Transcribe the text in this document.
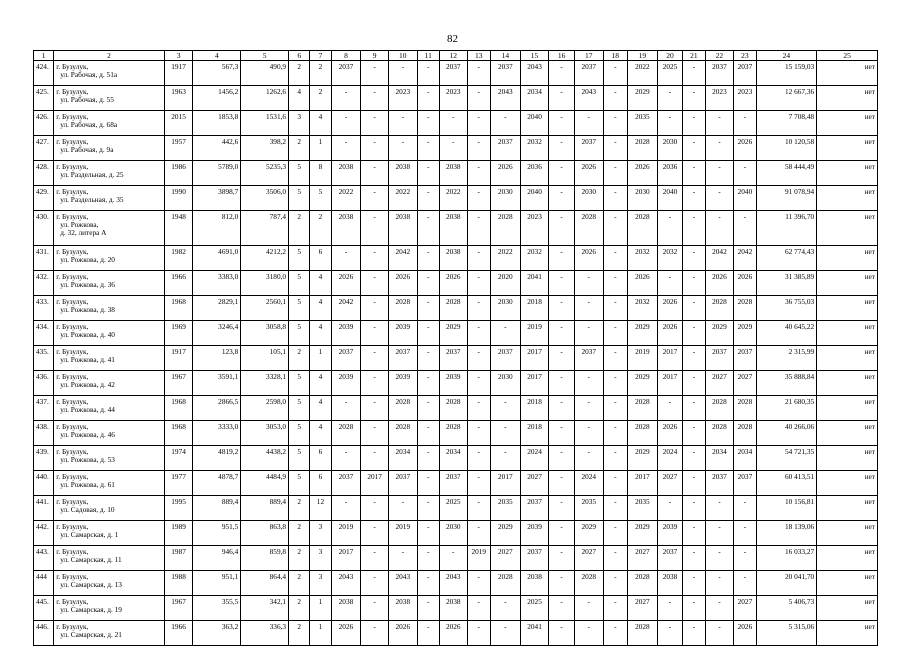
82
1	2	3	4	5	6	7	8	9	10	11	12	13	14	15	16	17	18	19	20	21	22	23	24	25
424.	г. Бузулук,
ул. Рабочая, д. 51а	1917	567,3	490,9	2	2	2037	-	-	-	2037	-	2037	2043	-	2037	-	2022	2025	-	2037	2037	15 159,03	нет
425.	г. Бузулук,
ул. Рабочая, д. 55	1963	1456,2	1262,6	4	2	-	-	2023	-	2023	-	2043	2034	-	2043	-	2029	-	-	2023	2023	12 667,36	нет
426.	г. Бузулук,
ул. Рабочая, д. 68а	2015	1853,8	1531,6	3	4	-	-	-	-	-	-	-	2040	-	-	-	2035	-	-	-	-	7 708,48	нет
427.	г. Бузулук,
ул. Рабочая, д. 9а	1957	442,6	398,2	2	1	-	-	-	-	-	-	2037	2032	-	2037	-	2028	2030	-	-	2026	10 120,58	нет
428.	г. Бузулук,
ул. Раздельная, д. 25	1986	5789,0	5235,3	5	8	2038	-	2038	-	2038	-	2026	2036	-	2026	-	2026	2036	-	-	-	58 444,49	нет
429.	г. Бузулук,
ул. Раздельная, д. 35	1990	3898,7	3506,0	5	5	2022	-	2022	-	2022	-	2030	2040	-	2030	-	2030	2040	-	-	2040	91 078,94	нет
430.	г. Бузулук,
ул. Рожкова,
д. 32, литера А	1948	812,0	787,4	2	2	2038	-	2038	-	2038	-	2028	2023	-	2028	-	2028	-	-	-	-	11 396,70	нет
431.	г. Бузулук,
ул. Рожкова, д. 20	1982	4691,0	4212,2	5	6	-	-	2042	-	2038	-	2022	2032	-	2026	-	2032	2032	-	2042	2042	62 774,43	нет
432.	г. Бузулук,
ул. Рожкова, д. 36	1966	3383,0	3180,0	5	4	2026	-	2026	-	2026	-	2020	2041	-	-	-	2026	-	-	2026	2026	31 385,89	нет
433.	г. Бузулук,
ул. Рожкова, д. 38	1968	2829,1	2560,1	5	4	2042	-	2028	-	2028	-	2030	2018	-	-	-	2032	2026	-	2028	2028	36 755,03	нет
434.	г. Бузулук,
ул. Рожкова, д. 40	1969	3246,4	3058,8	5	4	2039	-	2039	-	2029	-	-	2019	-	-	-	2029	2026	-	2029	2029	40 645,22	нет
435.	г. Бузулук,
ул. Рожкова, д. 41	1917	123,8	105,1	2	1	2037	-	2037	-	2037	-	2037	2017	-	2037	-	2019	2017	-	2037	2037	2 315,99	нет
436.	г. Бузулук,
ул. Рожкова, д. 42	1967	3591,1	3328,1	5	4	2039	-	2039	-	2039	-	2030	2017	-	-	-	2029	2017	-	2027	2027	35 888,84	нет
437.	г. Бузулук,
ул. Рожкова, д. 44	1968	2866,5	2598,0	5	4	-	-	2028	-	2028	-	-	2018	-	-	-	2028	-	-	2028	2028	21 680,35	нет
438.	г. Бузулук,
ул. Рожкова, д. 46	1968	3333,0	3053,0	5	4	2028	-	2028	-	2028	-	-	2018	-	-	-	2028	2026	-	2028	2028	40 266,06	нет
439.	г. Бузулук,
ул. Рожкова, д. 53	1974	4819,2	4438,2	5	6	-	-	2034	-	2034	-	-	2024	-	-	-	2029	2024	-	2034	2034	54 721,35	нет
440.	г. Бузулук,
ул. Рожкова, д. 61	1977	4878,7	4484,9	5	6	2037	2017	2037	-	2037	-	2017	2027	-	2024	-	2017	2027	-	2037	2037	60 413,51	нет
441.	г. Бузулук,
ул. Садовая, д. 10	1995	889,4	889,4	2	12	-	-	-	-	2025	-	2035	2037	-	2035	-	2035	-	-	-	-	10 156,81	нет
442.	г. Бузулук,
ул. Самарская, д. 1	1989	951,5	863,8	2	3	2019	-	2019	-	2030	-	2029	2039	-	2029	-	2029	2039	-	-	-	18 139,06	нет
443.	г. Бузулук,
ул. Самарская, д. 11	1987	946,4	859,8	2	3	2017	-	-	-	-	2019	2027	2037	-	2027	-	2027	2037	-	-	-	16 033,27	нет
444	г. Бузулук,
ул. Самарская, д. 13	1988	951,1	864,4	2	3	2043	-	2043	-	2043	-	2028	2038	-	2028	-	2028	2038	-	-	-	20 041,70	нет
445.	г. Бузулук,
ул. Самарская, д. 19	1967	355,5	342,1	2	1	2038	-	2038	-	2038	-	-	2025	-	-	-	2027	-	-	-	2027	5 406,73	нет
446.	г. Бузулук,
ул. Самарская, д. 21	1966	363,2	336,3	2	1	2026	-	2026	-	2026	-	-	2041	-	-	-	2028	-	-	-	2026	5 315,06	нет
